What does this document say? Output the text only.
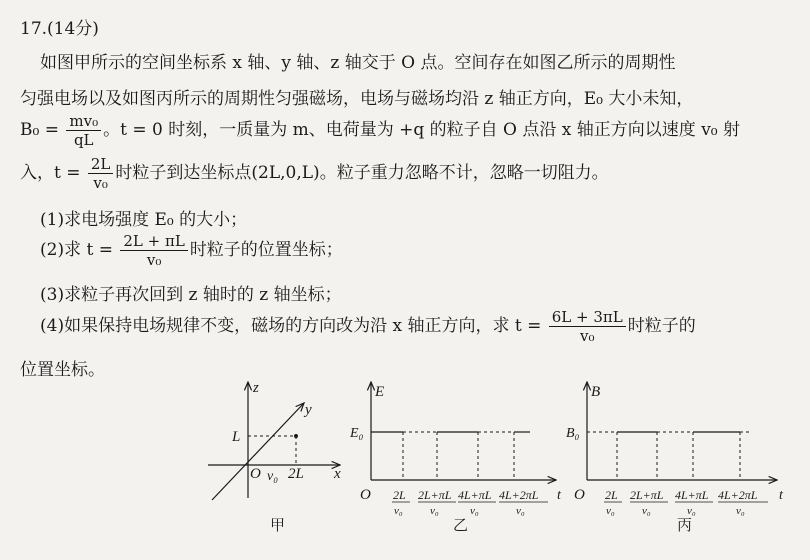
17.(14分)
如图甲所示的空间坐标系 x 轴、y 轴、z 轴交于 O 点。空间存在如图乙所示的周期性
匀强电场以及如图丙所示的周期性匀强磁场，电场与磁场均沿 z 轴正方向，E₀ 大小未知，
$B_0 = \frac{\text{mv₀}}{qL}$ 。t = 0 时刻，一质量为 m、电荷量为 +q 的粒子自 O 点沿 x 轴正方向以速度 v₀ 射
入，$t = \frac{2L}{\text{v₀}}$ 时粒子到达坐标点(2L,0,L)。粒子重力忽略不计，忽略一切阻力。
(1)求电场强度 E₀ 的大小；
(2)求 $t = \frac{2L + \pi L}{\text{v₀}}$ 时粒子的位置坐标；
(3)求粒子再次回到 z 轴时的 z 轴坐标；
(4)如果保持电场规律不变，磁场的方向改为沿 x 轴正方向，求 $t = \frac{6L + 3\pi L}{\text{v₀}}$ 时粒子的
位置坐标。
z
y
x
L
O v₀ 2L
甲
E
E₀
O	t
2L
v₀
2L+πL
v₀
4L+πL
v₀
4L+2πL
v₀
乙
B
B₀
O	t
2L
v₀
2L+πL
v₀
4L+πL
v₀
4L+2πL
v₀
丙
